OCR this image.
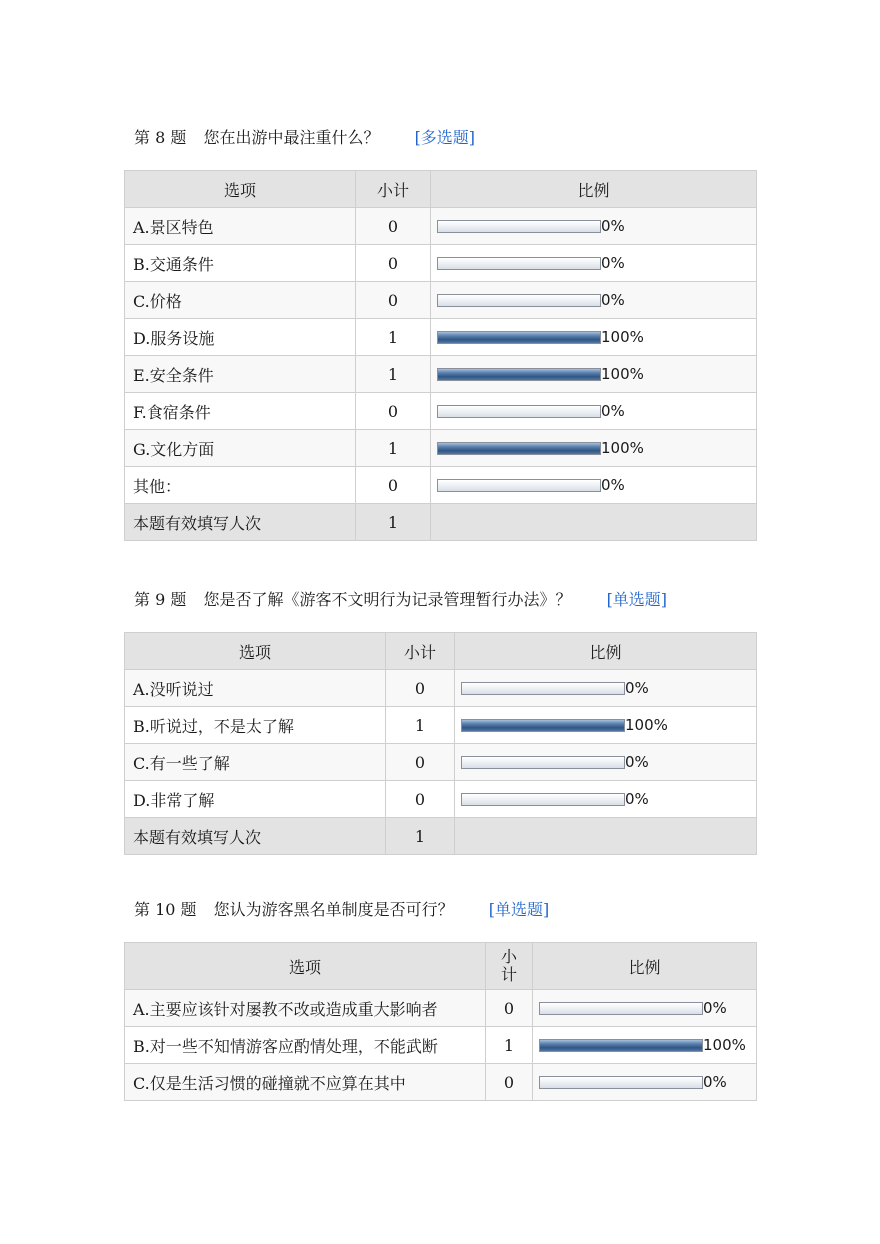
第 8 题 您在出游中最注重什么？ [多选题]
选项	小计	比例
A.景区特色	0	0%

B.交通条件	0	0%

C.价格	0	0%

D.服务设施	1	100%

E.安全条件	1	100%

F.食宿条件	0	0%

G.文化方面	1	100%

其他：	0	0%

本题有效填写人次	1	
第 9 题 您是否了解《游客不文明行为记录管理暂行办法》？ [单选题]
选项	小计	比例
A.没听说过	0	0%

B.听说过，不是太了解	1	100%

C.有一些了解	0	0%

D.非常了解	0	0%

本题有效填写人次	1	
第 10 题 您认为游客黑名单制度是否可行？ [单选题]
选项	小计	比例
A.主要应该针对屡教不改或造成重大影响者	0	0%

B.对一些不知情游客应酌情处理，不能武断	1	100%

C.仅是生活习惯的碰撞就不应算在其中	0	0%
